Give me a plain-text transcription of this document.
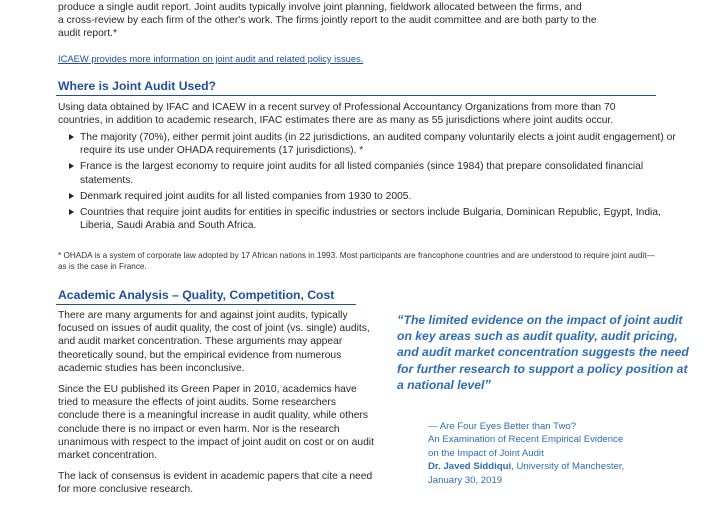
produce a single audit report. Joint audits typically involve joint planning, fieldwork allocated between the firms, and
a cross-review by each firm of the other's work. The firms jointly report to the audit committee and are both party to the
audit report.*
ICAEW provides more information on joint audit and related policy issues.
Where is Joint Audit Used?
Using data obtained by IFAC and ICAEW in a recent survey of Professional Accountancy Organizations from more than 70
countries, in addition to academic research, IFAC estimates there are as many as 55 jurisdictions where joint audits occur.
The majority (70%), either permit joint audits (in 22 jurisdictions, an audited company voluntarily elects a joint audit engagement) or require its use under OHADA requirements (17 jurisdictions). *
France is the largest economy to require joint audits for all listed companies (since 1984) that prepare consolidated financial statements.
Denmark required joint audits for all listed companies from 1930 to 2005.
Countries that require joint audits for entities in specific industries or sectors include Bulgaria, Dominican Republic, Egypt, India, Liberia, Saudi Arabia and South Africa.
* OHADA is a system of corporate law adopted by 17 African nations in 1993. Most participants are francophone countries and are understood to require joint audit—as is the case in France.
Academic Analysis – Quality, Competition, Cost

There are many arguments for and against joint audits, typically focused on issues of audit quality, the cost of joint (vs. single) audits, and audit market concentration. These arguments may appear theoretically sound, but the empirical evidence from numerous academic studies has been inconclusive.

Since the EU published its Green Paper in 2010, academics have tried to measure the effects of joint audits. Some researchers conclude there is a meaningful increase in audit quality, while others conclude there is no impact or even harm. Nor is the research unanimous with respect to the impact of joint audit on cost or on audit market concentration.

The lack of consensus is evident in academic papers that cite a need for more conclusive research.

“The limited evidence on the impact of joint audit on key areas such as audit quality, audit pricing, and audit market concentration suggests the need for further research to support a policy position at a national level”
— Are Four Eyes Better than Two?
An Examination of Recent Empirical Evidence
on the Impact of Joint Audit
Dr. Javed Siddiqui, University of Manchester,
January 30, 2019
